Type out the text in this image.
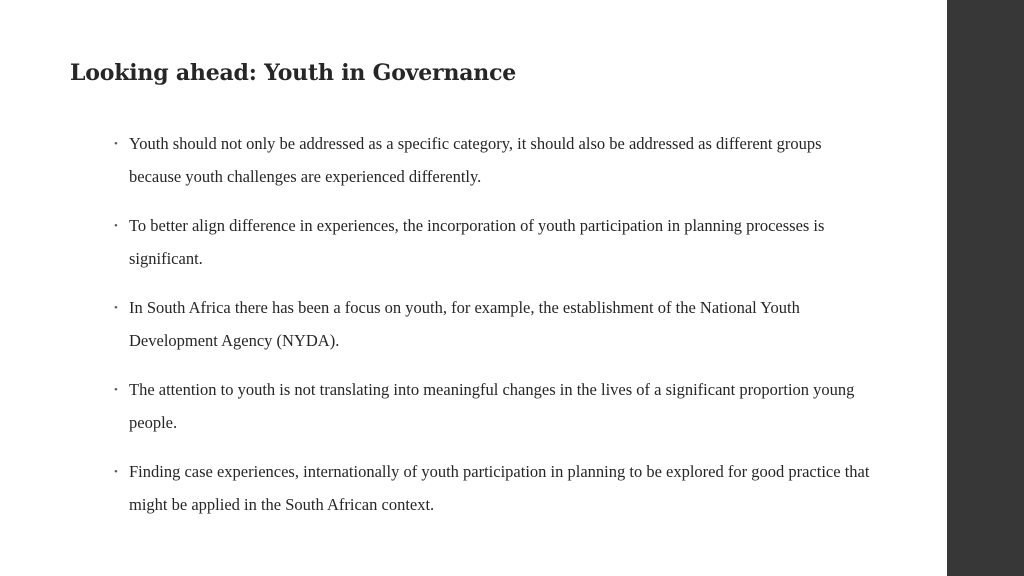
Looking ahead: Youth in Governance
• Youth should not only be addressed as a specific category, it should also be addressed as different groups because youth challenges are experienced differently.
• To better align difference in experiences, the incorporation of youth participation in planning processes is significant.
• In South Africa there has been a focus on youth, for example, the establishment of the National Youth Development Agency (NYDA).
• The attention to youth is not translating into meaningful changes in the lives of a significant proportion young people.
• Finding case experiences, internationally of youth participation in planning to be explored for good practice that might be applied in the South African context.
